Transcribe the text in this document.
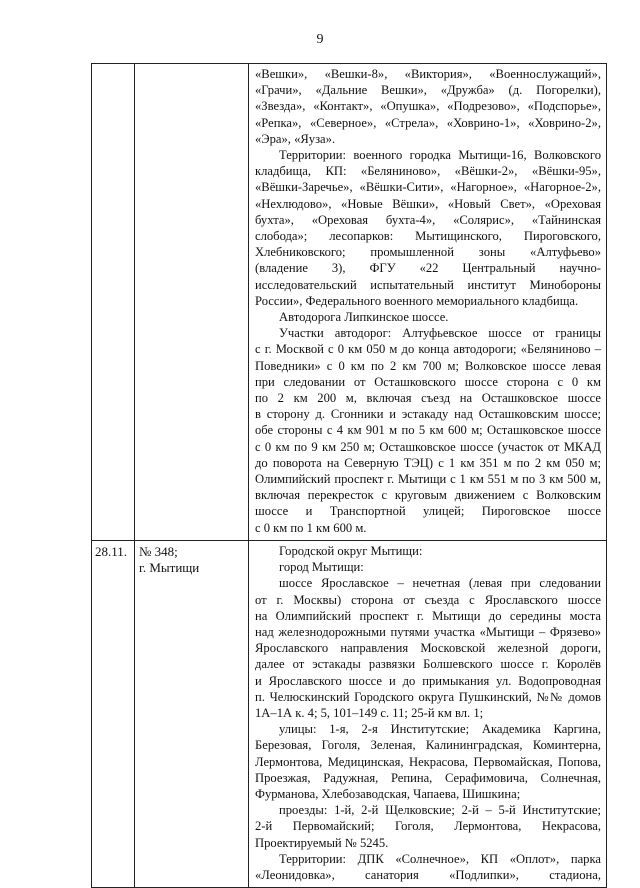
9
«Вешки», «Вешки-8», «Виктория», «Военнослужащий»,
«Грачи», «Дальние Вешки», «Дружба» (д. Погорелки),
«Звезда», «Контакт», «Опушка», «Подрезово», «Подспорье»,
«Репка», «Северное», «Стрела», «Ховрино-1», «Ховрино-2»,
«Эра», «Яуза».
Территории: военного городка Мытищи-16, Волковского
кладбища, КП: «Беляниново», «Вёшки-2», «Вёшки-95»,
«Вёшки-Заречье», «Вёшки-Сити», «Нагорное», «Нагорное-2»,
«Нехлюдово», «Новые Вёшки», «Новый Свет», «Ореховая
бухта», «Ореховая бухта-4», «Солярис», «Тайнинская
слобода»; лесопарков: Мытищинского, Пироговского,
Хлебниковского; промышленной зоны «Алтуфьево»
(владение 3), ФГУ «22 Центральный научно-
исследовательский испытательный институт Минобороны
России», Федерального военного мемориального кладбища.
Автодорога Липкинское шоссе.
Участки автодорог: Алтуфьевское шоссе от границы
с г. Москвой с 0 км 050 м до конца автодороги; «Беляниново –
Поведники» с 0 км по 2 км 700 м; Волковское шоссе левая
при следовании от Осташковского шоссе сторона с 0 км
по 2 км 200 м, включая съезд на Осташковское шоссе
в сторону д. Сгонники и эстакаду над Осташковским шоссе;
обе стороны с 4 км 901 м по 5 км 600 м; Осташковское шоссе
с 0 км по 9 км 250 м; Осташковское шоссе (участок от МКАД
до поворота на Северную ТЭЦ) с 1 км 351 м по 2 км 050 м;
Олимпийский проспект г. Мытищи с 1 км 551 м по 3 км 500 м,
включая перекресток с круговым движением с Волковским
шоссе и Транспортной улицей; Пироговское шоссе
с 0 км по 1 км 600 м.
28.11. № 348;
г. Мытищи
Городской округ Мытищи:
город Мытищи:
шоссе Ярославское – нечетная (левая при следовании
от г. Москвы) сторона от съезда с Ярославского шоссе
на Олимпийский проспект г. Мытищи до середины моста
над железнодорожными путями участка «Мытищи – Фрязево»
Ярославского направления Московской железной дороги,
далее от эстакады развязки Болшевского шоссе г. Королёв
и Ярославского шоссе и до примыкания ул. Водопроводная
п. Челюскинский Городского округа Пушкинский, №№ домов
1А–1А к. 4; 5, 101–149 с. 11; 25-й км вл. 1;
улицы: 1-я, 2-я Институтские; Академика Каргина,
Березовая, Гоголя, Зеленая, Калининградская, Коминтерна,
Лермонтова, Медицинская, Некрасова, Первомайская, Попова,
Проезжая, Радужная, Репина, Серафимовича, Солнечная,
Фурманова, Хлебозаводская, Чапаева, Шишкина;
проезды: 1-й, 2-й Щелковские; 2-й – 5-й Институтские;
2-й Первомайский; Гоголя, Лермонтова, Некрасова,
Проектируемый № 5245.
Территории: ДПК «Солнечное», КП «Оплот», парка
«Леонидовка», санатория «Подлипки», стадиона,
